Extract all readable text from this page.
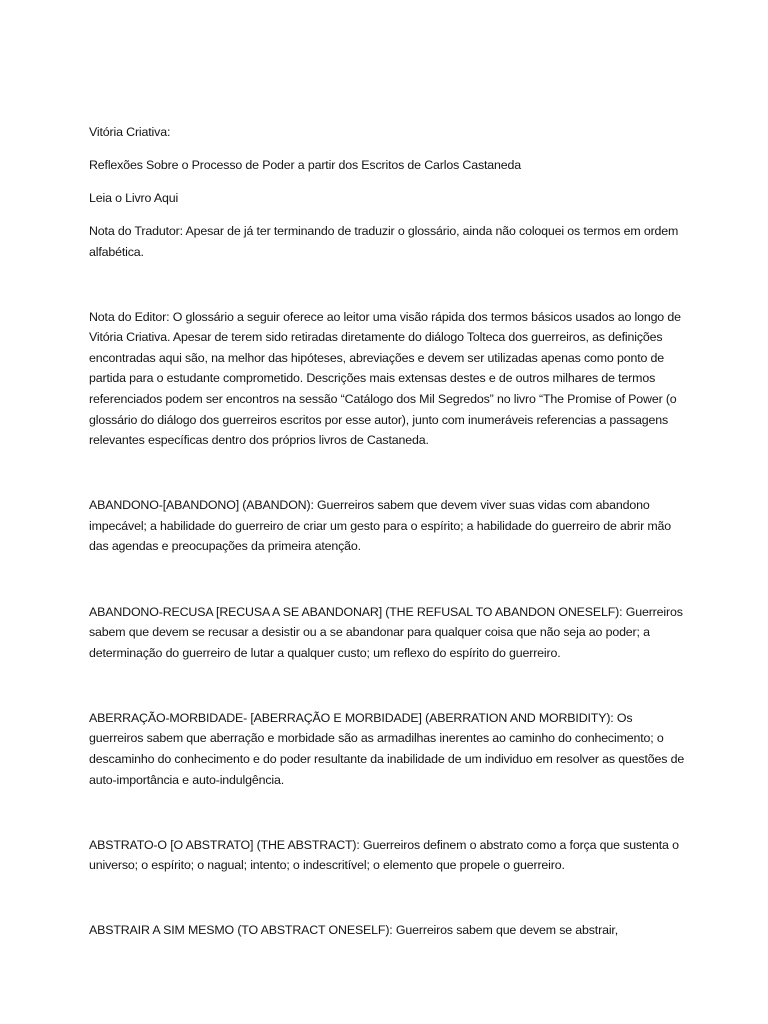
Vitória Criativa:

Reflexões Sobre o Processo de Poder a partir dos Escritos de Carlos Castaneda

Leia o Livro Aqui

Nota do Tradutor: Apesar de já ter terminando de traduzir o glossário, ainda não coloquei os termos em ordem alfabética.

Nota do Editor: O glossário a seguir oferece ao leitor uma visão rápida dos termos básicos usados ao longo de Vitória Criativa. Apesar de terem sido retiradas diretamente do diálogo Tolteca dos guerreiros, as definições encontradas aqui são, na melhor das hipóteses, abreviações e devem ser utilizadas apenas como ponto de partida para o estudante comprometido. Descrições mais extensas destes e de outros milhares de termos referenciados podem ser encontros na sessão “Catálogo dos Mil Segredos” no livro “The Promise of Power (o glossário do diálogo dos guerreiros escritos por esse autor), junto com inumeráveis referencias a passagens relevantes específicas dentro dos próprios livros de Castaneda.

ABANDONO-[ABANDONO] (ABANDON): Guerreiros sabem que devem viver suas vidas com abandono impecável; a habilidade do guerreiro de criar um gesto para o espírito; a habilidade do guerreiro de abrir mão das agendas e preocupações da primeira atenção.

ABANDONO-RECUSA [RECUSA A SE ABANDONAR] (THE REFUSAL TO ABANDON ONESELF): Guerreiros sabem que devem se recusar a desistir ou a se abandonar para qualquer coisa que não seja ao poder; a determinação do guerreiro de lutar a qualquer custo; um reflexo do espírito do guerreiro.

ABERRAÇÃO-MORBIDADE- [ABERRAÇÃO E MORBIDADE] (ABERRATION AND MORBIDITY): Os guerreiros sabem que aberração e morbidade são as armadilhas inerentes ao caminho do conhecimento; o descaminho do conhecimento e do poder resultante da inabilidade de um individuo em resolver as questões de auto-importância e auto-indulgência.

ABSTRATO-O [O ABSTRATO] (THE ABSTRACT): Guerreiros definem o abstrato como a força que sustenta o universo; o espírito; o nagual; intento; o indescritível; o elemento que propele o guerreiro.

ABSTRAIR A SIM MESMO (TO ABSTRACT ONESELF): Guerreiros sabem que devem se abstrair,
